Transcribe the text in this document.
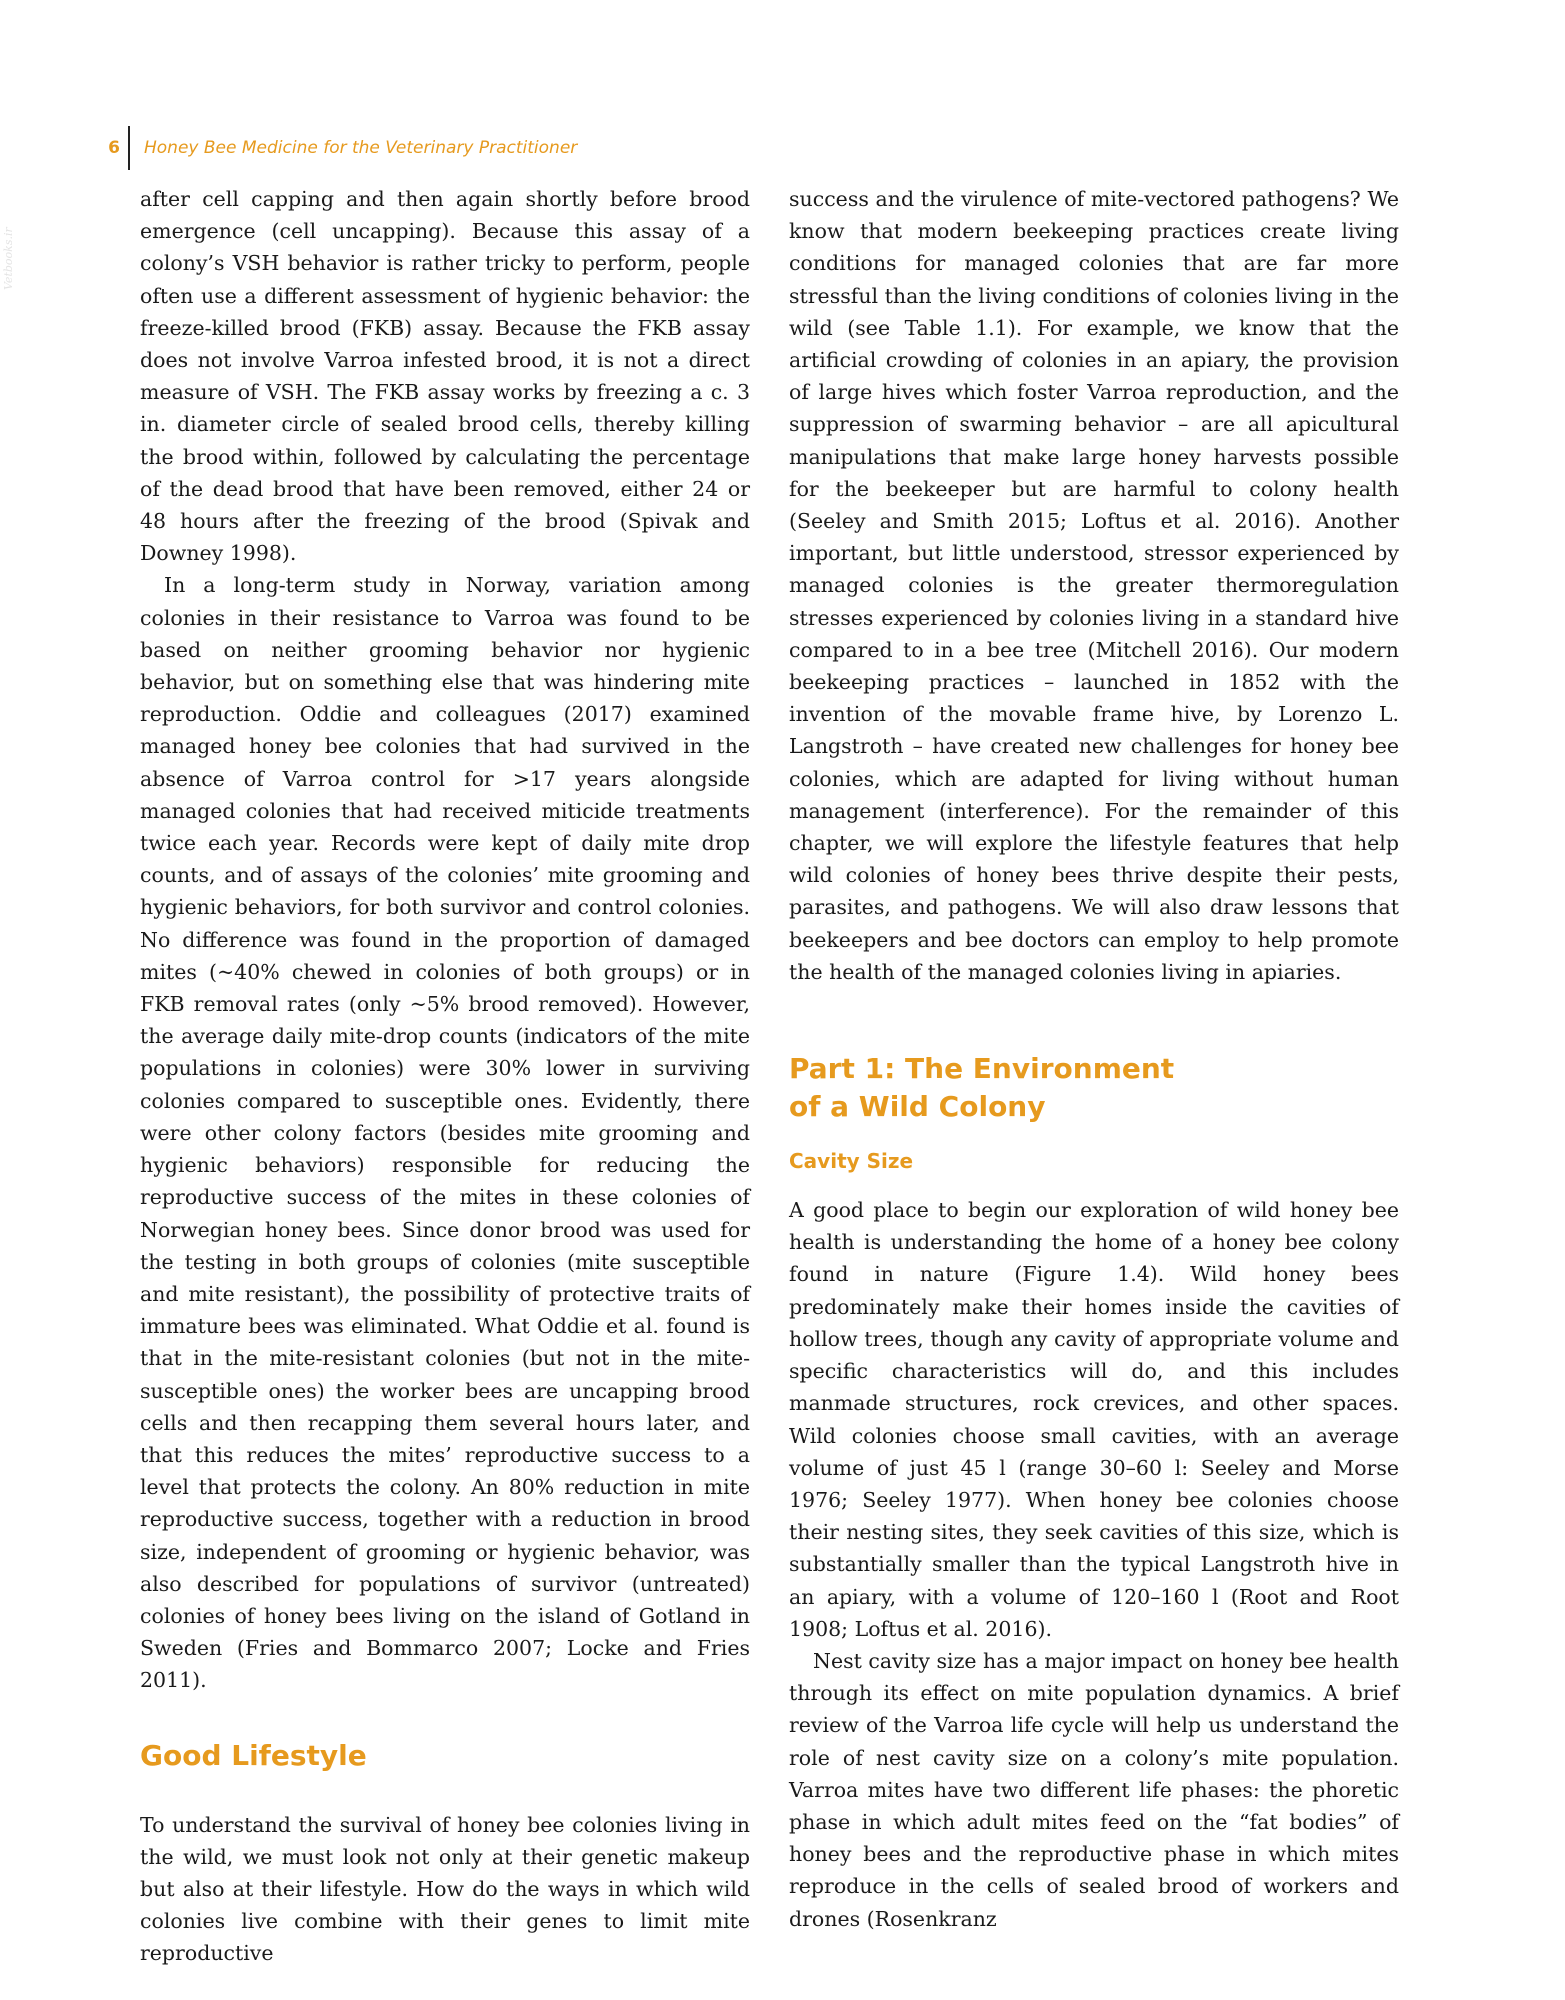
6 Honey Bee Medicine for the Veterinary Practitioner
Vetbooks.ir

after cell capping and then again shortly before brood emergence (cell uncapping). Because this assay of a colony’s VSH behavior is rather tricky to perform, people often use a different assessment of hygienic behavior: the freeze-killed brood (FKB) assay. Because the FKB assay does not involve Varroa infested brood, it is not a direct measure of VSH. The FKB assay works by freezing a c. 3 in. diameter circle of sealed brood cells, thereby killing the brood within, followed by calculating the percentage of the dead brood that have been removed, either 24 or 48 hours after the freezing of the brood (Spivak and Downey 1998).

In a long-term study in Norway, variation among colonies in their resistance to Varroa was found to be based on neither grooming behavior nor hygienic behavior, but on something else that was hindering mite reproduction. Oddie and colleagues (2017) examined managed honey bee colonies that had survived in the absence of Varroa control for >17 years alongside managed colonies that had received miticide treatments twice each year. Records were kept of daily mite drop counts, and of assays of the colonies’ mite grooming and hygienic behaviors, for both survivor and control colonies. No difference was found in the proportion of damaged mites (~40% chewed in colonies of both groups) or in FKB removal rates (only ~5% brood removed). However, the average daily mite-drop counts (indicators of the mite populations in colonies) were 30% lower in surviving colonies compared to susceptible ones. Evidently, there were other colony factors (besides mite grooming and hygienic behaviors) responsible for reducing the reproductive success of the mites in these colonies of Norwegian honey bees. Since donor brood was used for the testing in both groups of colonies (mite susceptible and mite resistant), the possibility of protective traits of immature bees was eliminated. What Oddie et al. found is that in the mite-resistant colonies (but not in the mite-susceptible ones) the worker bees are uncapping brood cells and then recapping them several hours later, and that this reduces the mites’ reproductive success to a level that protects the colony. An 80% reduction in mite reproductive success, together with a reduction in brood size, independent of grooming or hygienic behavior, was also described for populations of survivor (untreated) colonies of honey bees living on the island of Gotland in Sweden (Fries and Bommarco 2007; Locke and Fries 2011).

Good Lifestyle

To understand the survival of honey bee colonies living in the wild, we must look not only at their genetic makeup but also at their lifestyle. How do the ways in which wild colonies live combine with their genes to limit mite reproductive

success and the virulence of mite-vectored pathogens? We know that modern beekeeping practices create living conditions for managed colonies that are far more stressful than the living conditions of colonies living in the wild (see Table 1.1). For example, we know that the artificial crowding of colonies in an apiary, the provision of large hives which foster Varroa reproduction, and the suppression of swarming behavior – are all apicultural manipulations that make large honey harvests possible for the beekeeper but are harmful to colony health (Seeley and Smith 2015; Loftus et al. 2016). Another important, but little understood, stressor experienced by managed colonies is the greater thermoregulation stresses experienced by colonies living in a standard hive compared to in a bee tree (Mitchell 2016). Our modern beekeeping practices – launched in 1852 with the invention of the movable frame hive, by Lorenzo L. Langstroth – have created new challenges for honey bee colonies, which are adapted for living without human management (interference). For the remainder of this chapter, we will explore the lifestyle features that help wild colonies of honey bees thrive despite their pests, parasites, and pathogens. We will also draw lessons that beekeepers and bee doctors can employ to help promote the health of the managed colonies living in apiaries.

Part 1: The Environment
of a Wild Colony
Cavity Size

A good place to begin our exploration of wild honey bee health is understanding the home of a honey bee colony found in nature (Figure 1.4). Wild honey bees predominately make their homes inside the cavities of hollow trees, though any cavity of appropriate volume and specific characteristics will do, and this includes manmade structures, rock crevices, and other spaces. Wild colonies choose small cavities, with an average volume of just 45 l (range 30–60 l: Seeley and Morse 1976; Seeley 1977). When honey bee colonies choose their nesting sites, they seek cavities of this size, which is substantially smaller than the typical Langstroth hive in an apiary, with a volume of 120–160 l (Root and Root 1908; Loftus et al. 2016).

Nest cavity size has a major impact on honey bee health through its effect on mite population dynamics. A brief review of the Varroa life cycle will help us understand the role of nest cavity size on a colony’s mite population. Varroa mites have two different life phases: the phoretic phase in which adult mites feed on the “fat bodies” of honey bees and the reproductive phase in which mites reproduce in the cells of sealed brood of workers and drones (Rosenkranz
